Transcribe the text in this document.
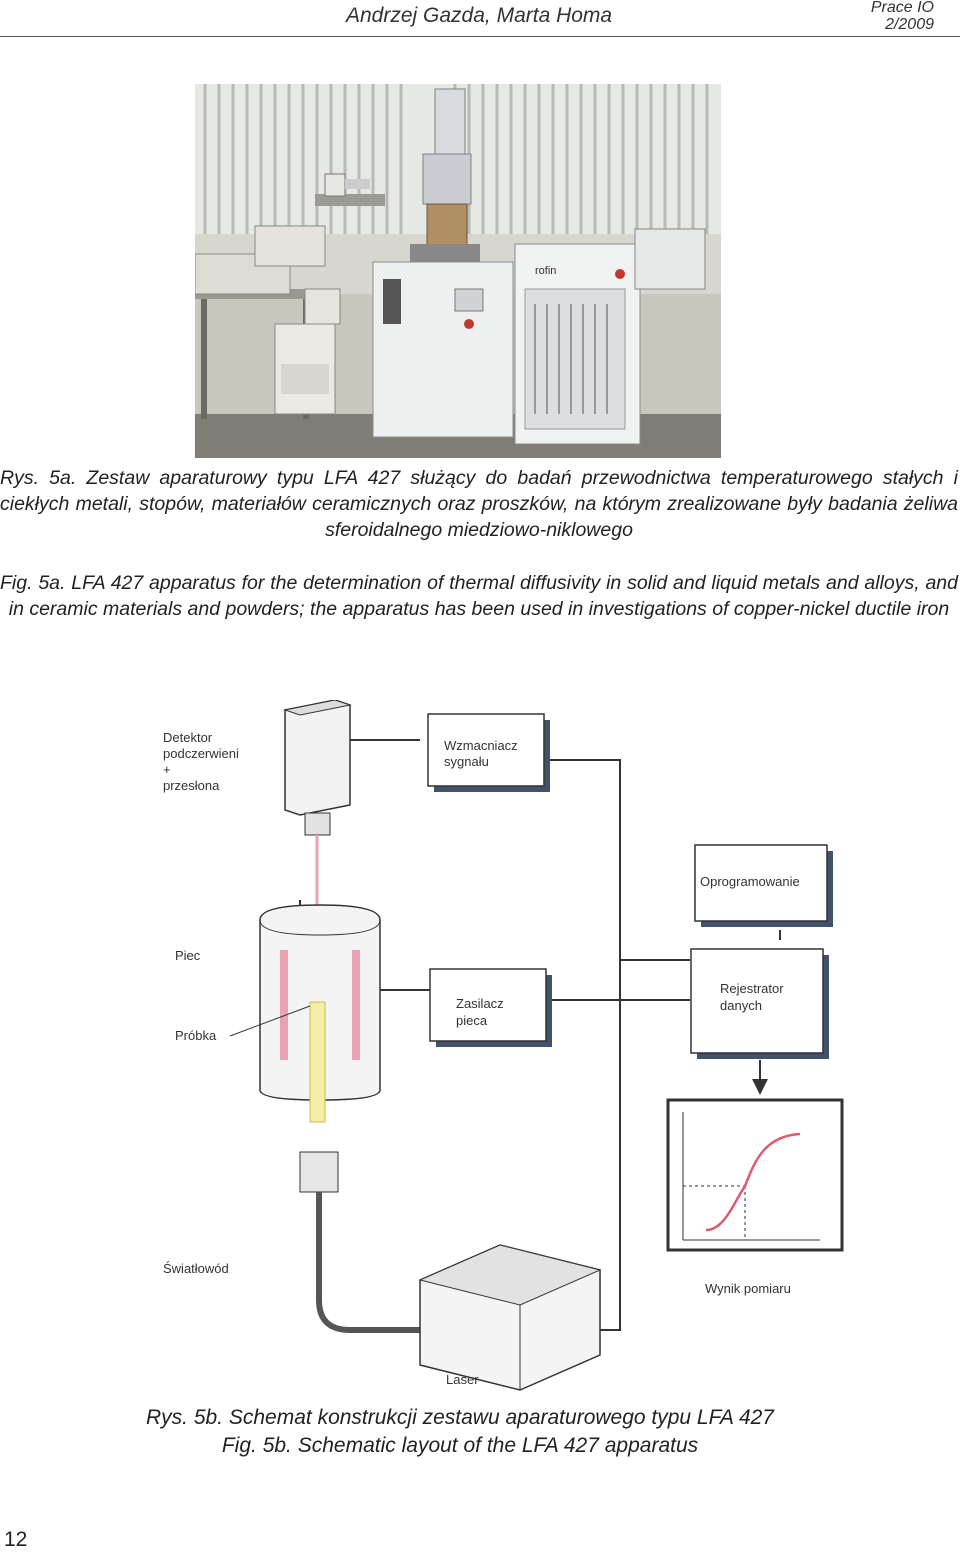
Andrzej Gazda, Marta Homa	Prace IO
2/2009
rofin
Rys. 5a. Zestaw aparaturowy typu LFA 427 służący do badań przewodnictwa temperaturowego stałych i ciekłych metali, stopów, materiałów ceramicznych oraz proszków, na którym zrealizowane były badania żeliwa sferoidalnego miedziowo-niklowego
Fig. 5a. LFA 427 apparatus for the determination of thermal diffusivity in solid and liquid metals and alloys, and in ceramic materials and powders; the apparatus has been used in investigations of copper-nickel ductile iron
Detektor
podczerwieni
+
przesłona
Wzmacniacz
sygnału
Oprogramowanie
Piec
Próbka
Zasilacz
pieca
Rejestrator
danych
Wynik pomiaru
Światłowód
Laser
Rys. 5b. Schemat konstrukcji zestawu aparaturowego typu LFA 427
Fig. 5b. Schematic layout of the LFA 427 apparatus
12
